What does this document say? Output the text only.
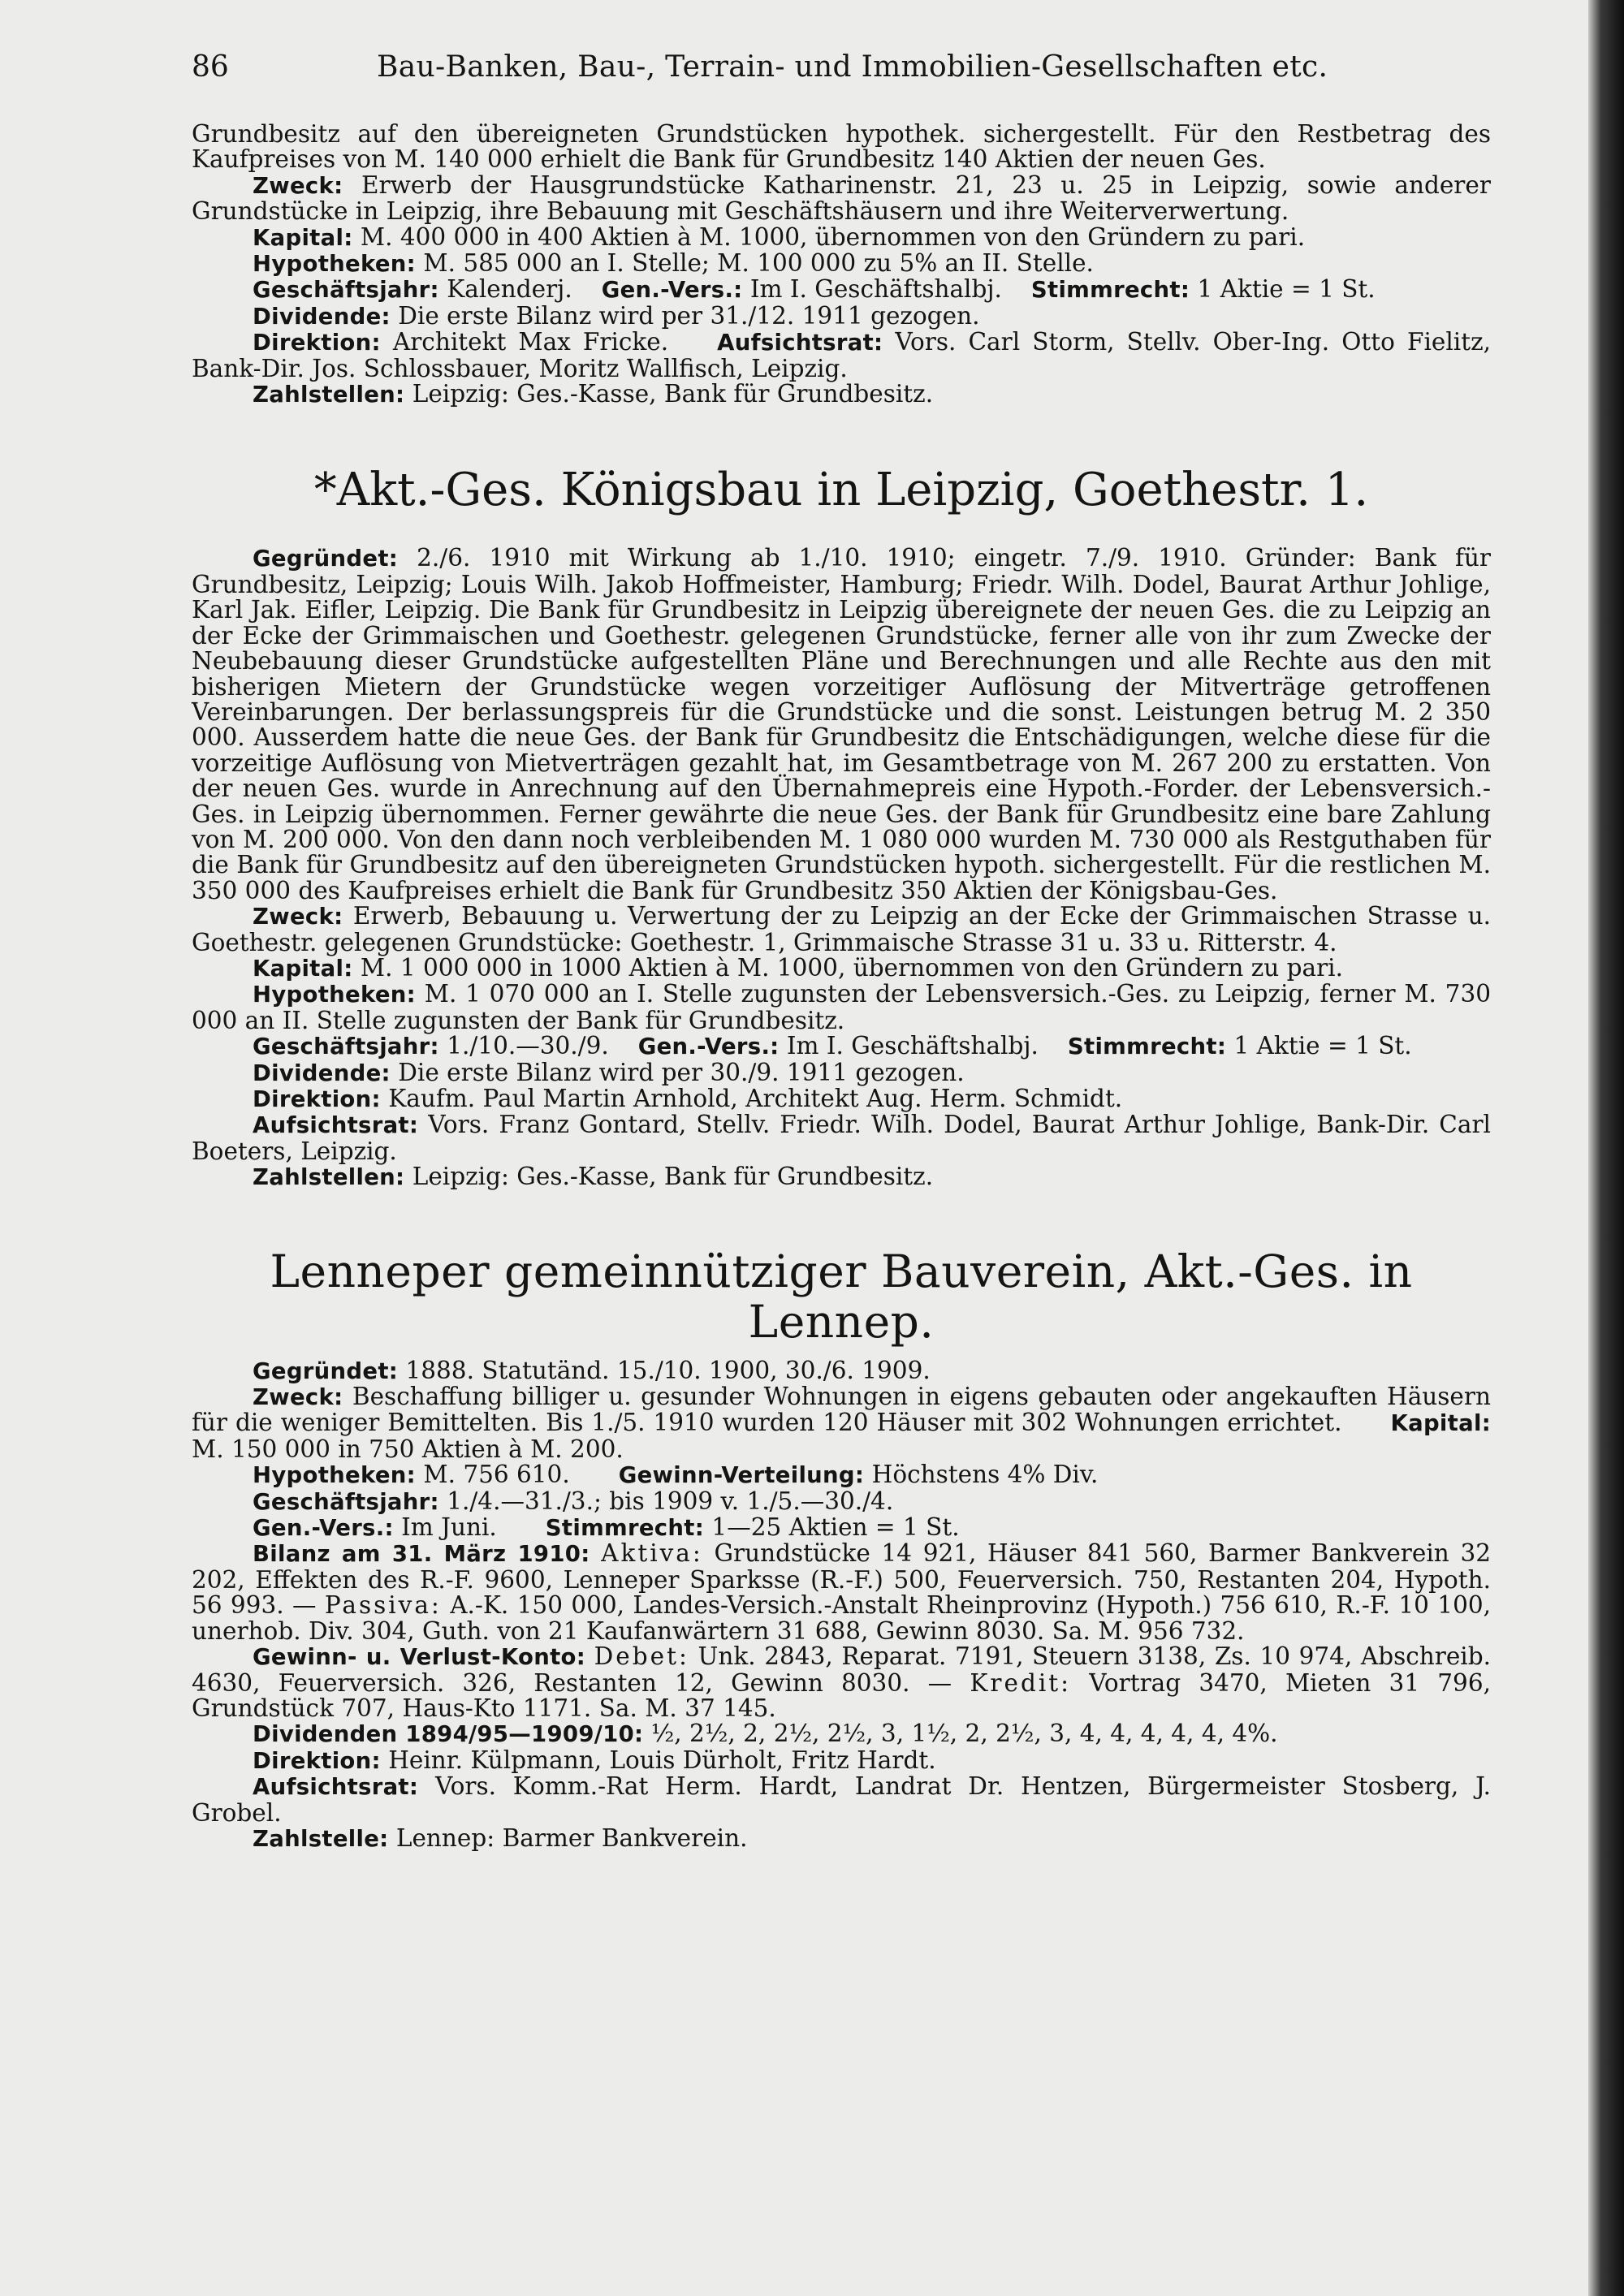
86	Bau-Banken, Bau-, Terrain- und Immobilien-Gesellschaften etc.

Grundbesitz auf den übereigneten Grundstücken hypothek. sichergestellt. Für den Restbetrag des Kaufpreises von M. 140 000 erhielt die Bank für Grundbesitz 140 Aktien der neuen Ges.

Zweck: Erwerb der Hausgrundstücke Katharinenstr. 21, 23 u. 25 in Leipzig, sowie anderer Grundstücke in Leipzig, ihre Bebauung mit Geschäftshäusern und ihre Weiterverwertung.

Kapital: M. 400 000 in 400 Aktien à M. 1000, übernommen von den Gründern zu pari.

Hypotheken: M. 585 000 an I. Stelle; M. 100 000 zu 5% an II. Stelle.

Geschäftsjahr: Kalenderj. Gen.-Vers.: Im I. Geschäftshalbj. Stimmrecht: 1 Aktie = 1 St.

Dividende: Die erste Bilanz wird per 31./12. 1911 gezogen.

Direktion: Architekt Max Fricke. Aufsichtsrat: Vors. Carl Storm, Stellv. Ober-Ing. Otto Fielitz, Bank-Dir. Jos. Schlossbauer, Moritz Wallfisch, Leipzig.

Zahlstellen: Leipzig: Ges.-Kasse, Bank für Grundbesitz.

*Akt.-Ges. Königsbau in Leipzig, Goethestr. 1.

Gegründet: 2./6. 1910 mit Wirkung ab 1./10. 1910; eingetr. 7./9. 1910. Gründer: Bank für Grundbesitz, Leipzig; Louis Wilh. Jakob Hoffmeister, Hamburg; Friedr. Wilh. Dodel, Baurat Arthur Johlige, Karl Jak. Eifler, Leipzig. Die Bank für Grundbesitz in Leipzig übereignete der neuen Ges. die zu Leipzig an der Ecke der Grimmaischen und Goethestr. gelegenen Grundstücke, ferner alle von ihr zum Zwecke der Neubebauung dieser Grundstücke aufgestellten Pläne und Berechnungen und alle Rechte aus den mit bisherigen Mietern der Grundstücke wegen vorzeitiger Auflösung der Mitverträge getroffenen Vereinbarungen. Der berlassungspreis für die Grundstücke und die sonst. Leistungen betrug M. 2 350 000. Ausserdem hatte die neue Ges. der Bank für Grundbesitz die Entschädigungen, welche diese für die vorzeitige Auflösung von Mietverträgen gezahlt hat, im Gesamtbetrage von M. 267 200 zu erstatten. Von der neuen Ges. wurde in Anrechnung auf den Übernahmepreis eine Hypoth.-Forder. der Lebensversich.-Ges. in Leipzig übernommen. Ferner gewährte die neue Ges. der Bank für Grundbesitz eine bare Zahlung von M. 200 000. Von den dann noch verbleibenden M. 1 080 000 wurden M. 730 000 als Restguthaben für die Bank für Grundbesitz auf den übereigneten Grundstücken hypoth. sichergestellt. Für die restlichen M. 350 000 des Kaufpreises erhielt die Bank für Grundbesitz 350 Aktien der Königsbau-Ges.

Zweck: Erwerb, Bebauung u. Verwertung der zu Leipzig an der Ecke der Grimmaischen Strasse u. Goethestr. gelegenen Grundstücke: Goethestr. 1, Grimmaische Strasse 31 u. 33 u. Ritterstr. 4.

Kapital: M. 1 000 000 in 1000 Aktien à M. 1000, übernommen von den Gründern zu pari.

Hypotheken: M. 1 070 000 an I. Stelle zugunsten der Lebensversich.-Ges. zu Leipzig, ferner M. 730 000 an II. Stelle zugunsten der Bank für Grundbesitz.

Geschäftsjahr: 1./10.—30./9. Gen.-Vers.: Im I. Geschäftshalbj. Stimmrecht: 1 Aktie = 1 St.

Dividende: Die erste Bilanz wird per 30./9. 1911 gezogen.

Direktion: Kaufm. Paul Martin Arnhold, Architekt Aug. Herm. Schmidt.

Aufsichtsrat: Vors. Franz Gontard, Stellv. Friedr. Wilh. Dodel, Baurat Arthur Johlige, Bank-Dir. Carl Boeters, Leipzig.

Zahlstellen: Leipzig: Ges.-Kasse, Bank für Grundbesitz.

Lenneper gemeinnütziger Bauverein, Akt.-Ges. in Lennep.

Gegründet: 1888. Statutänd. 15./10. 1900, 30./6. 1909.

Zweck: Beschaffung billiger u. gesunder Wohnungen in eigens gebauten oder angekauften Häusern für die weniger Bemittelten. Bis 1./5. 1910 wurden 120 Häuser mit 302 Wohnungen errichtet. Kapital: M. 150 000 in 750 Aktien à M. 200.

Hypotheken: M. 756 610. Gewinn-Verteilung: Höchstens 4% Div.

Geschäftsjahr: 1./4.—31./3.; bis 1909 v. 1./5.—30./4.

Gen.-Vers.: Im Juni. Stimmrecht: 1—25 Aktien = 1 St.

Bilanz am 31. März 1910: Aktiva: Grundstücke 14 921, Häuser 841 560, Barmer Bankverein 32 202, Effekten des R.-F. 9600, Lenneper Sparksse (R.-F.) 500, Feuerversich. 750, Restanten 204, Hypoth. 56 993. — Passiva: A.-K. 150 000, Landes-Versich.-Anstalt Rheinprovinz (Hypoth.) 756 610, R.-F. 10 100, unerhob. Div. 304, Guth. von 21 Kaufanwärtern 31 688, Gewinn 8030. Sa. M. 956 732.

Gewinn- u. Verlust-Konto: Debet: Unk. 2843, Reparat. 7191, Steuern 3138, Zs. 10 974, Abschreib. 4630, Feuerversich. 326, Restanten 12, Gewinn 8030. — Kredit: Vortrag 3470, Mieten 31 796, Grundstück 707, Haus-Kto 1171. Sa. M. 37 145.

Dividenden 1894/95—1909/10: ½, 2½, 2, 2½, 2½, 3, 1½, 2, 2½, 3, 4, 4, 4, 4, 4, 4%.

Direktion: Heinr. Külpmann, Louis Dürholt, Fritz Hardt.

Aufsichtsrat: Vors. Komm.-Rat Herm. Hardt, Landrat Dr. Hentzen, Bürgermeister Stosberg, J. Grobel.

Zahlstelle: Lennep: Barmer Bankverein.
